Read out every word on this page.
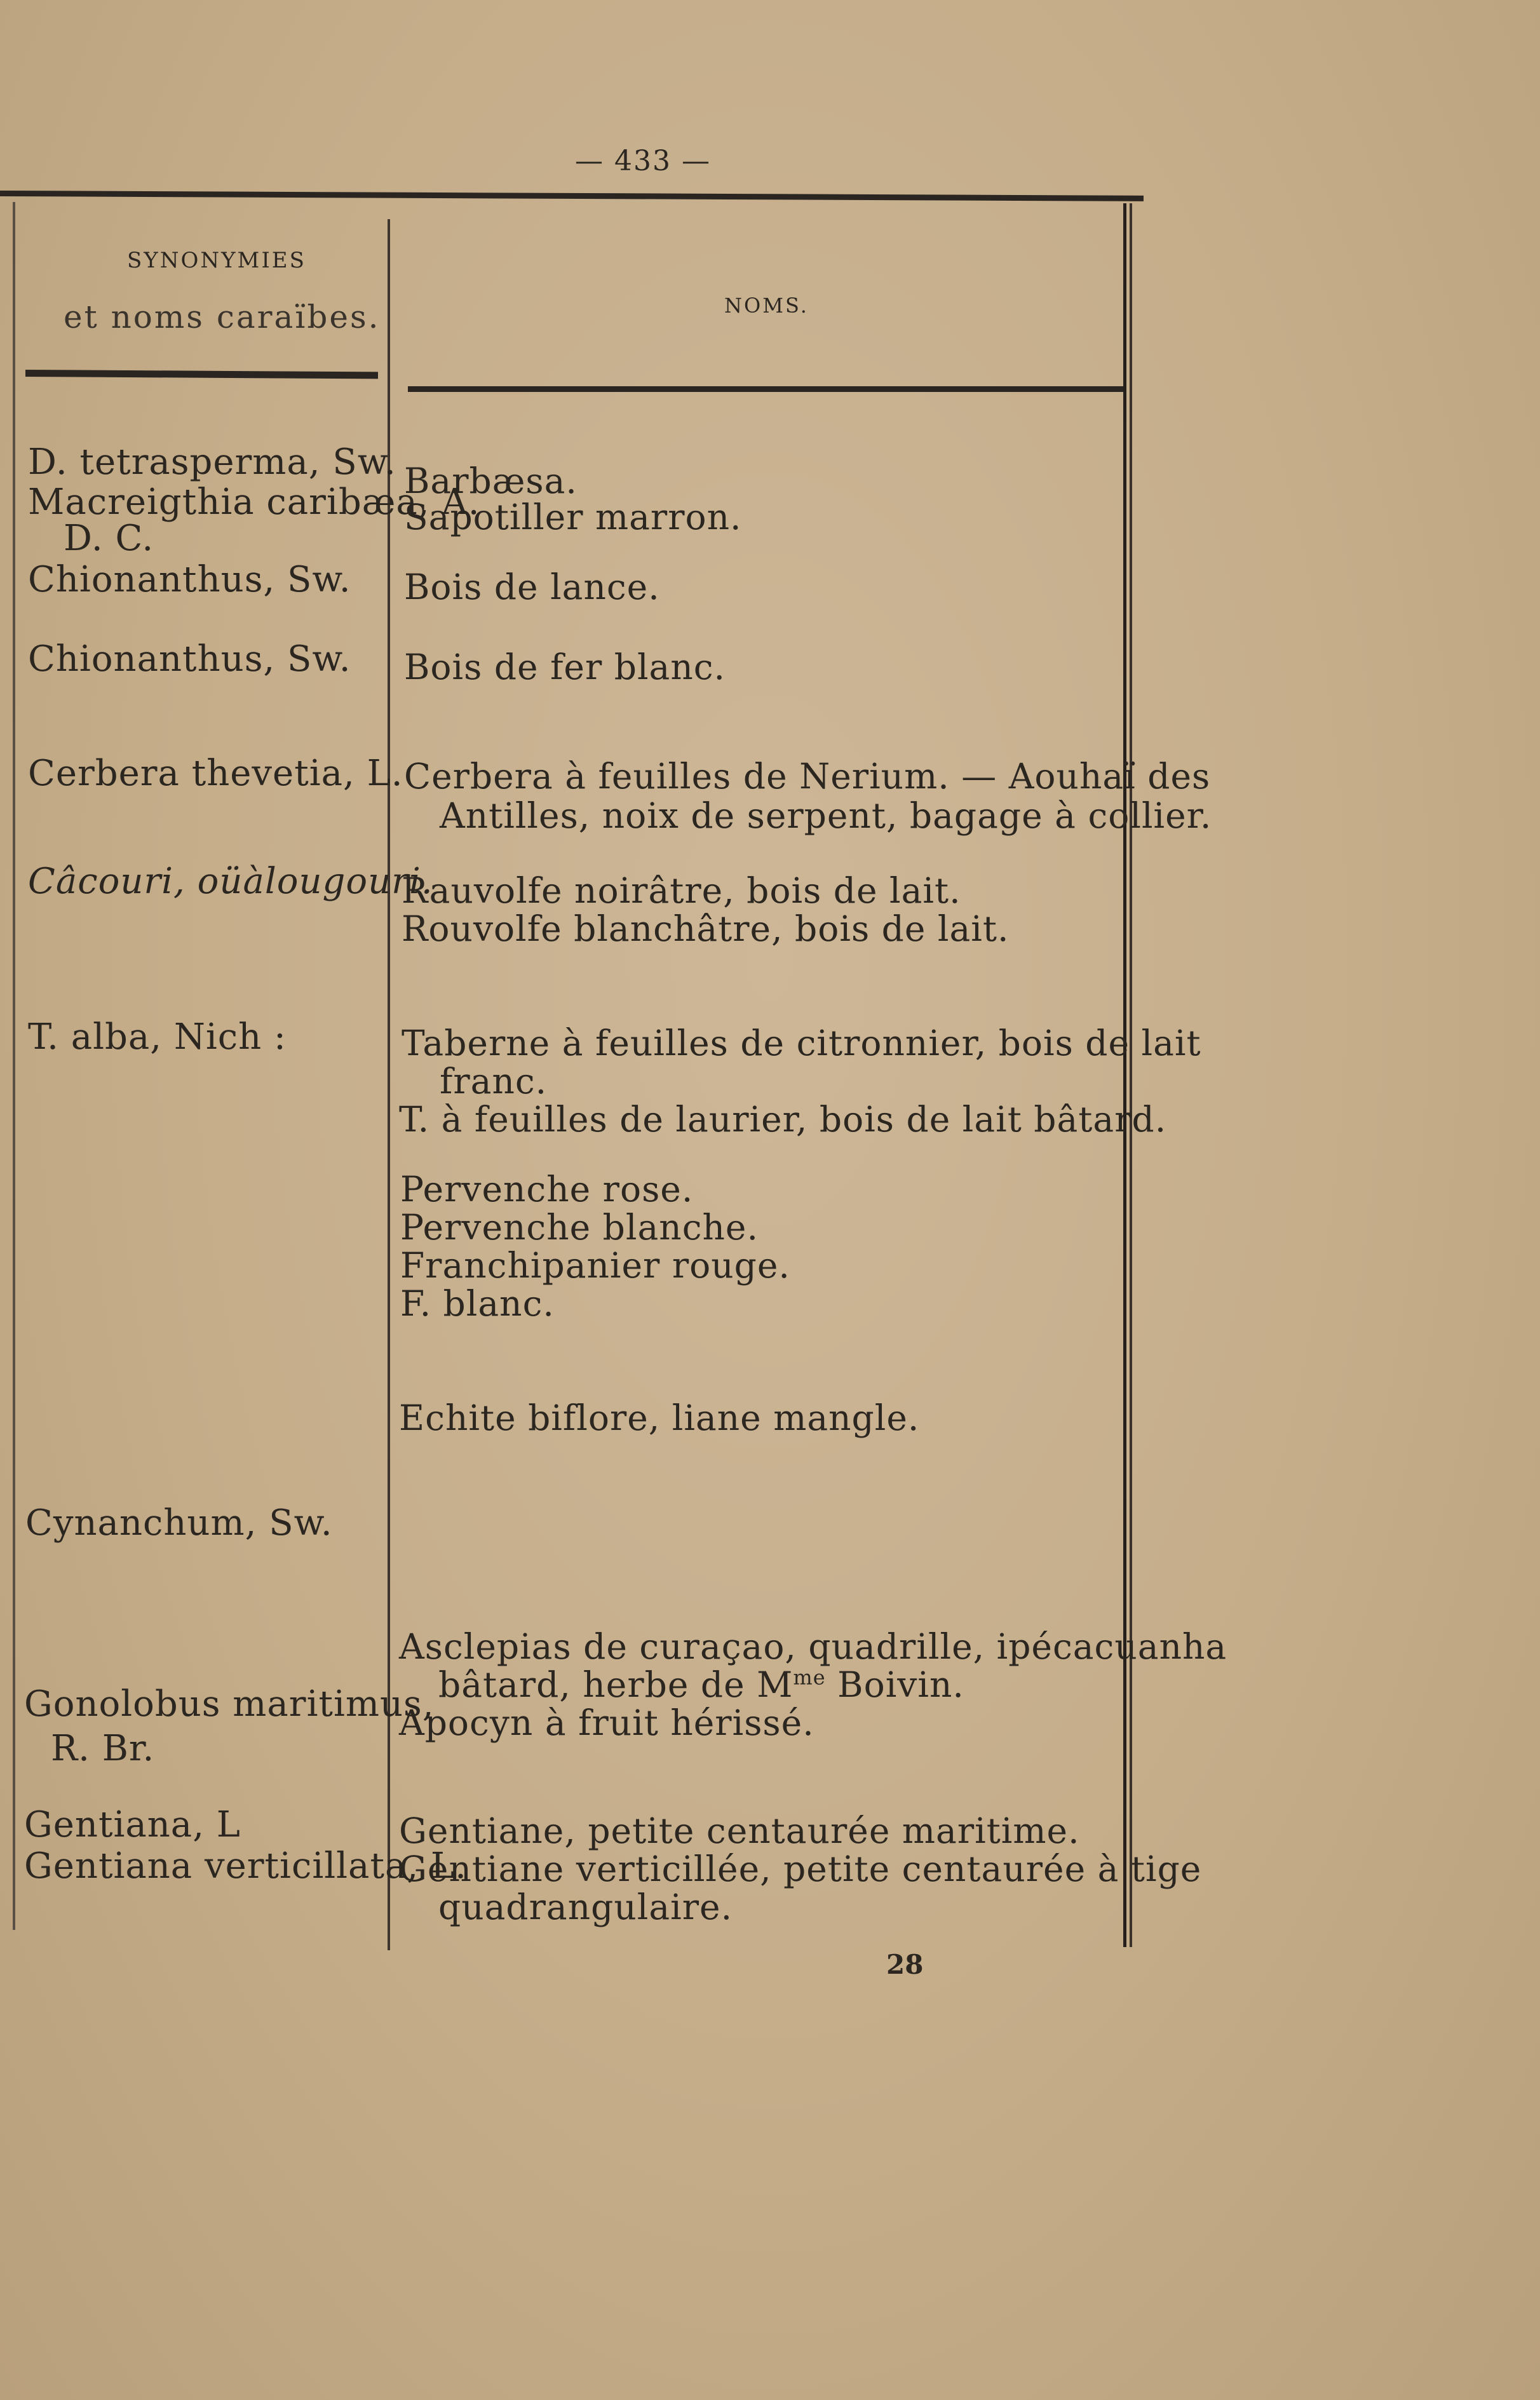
— 433 —
SYNONYMIES
et noms caraïbes.	NOMS.
D. tetrasperma, Sw.
Macreigthia caribæa, A.
D. C.
Chionanthus, Sw.
Chionanthus, Sw.
Cerbera thevetia, L.
Câcouri, oüàlougouri.
T. alba, Nich :
Cynanchum, Sw.
Gonolobus maritimus,
R. Br.
Gentiana, L
Gentiana verticillata, L.
Barbæsa.
Sapotiller marron.
Bois de lance.
Bois de fer blanc.
Cerbera à feuilles de Nerium. — Aouhaï des
Antilles, noix de serpent, bagage à collier.
Rauvolfe noirâtre, bois de lait.
Rouvolfe blanchâtre, bois de lait.
Taberne à feuilles de citronnier, bois de lait
franc.
T. à feuilles de laurier, bois de lait bâtard.
Pervenche rose.
Pervenche blanche.
Franchipanier rouge.
F. blanc.
Echite biflore, liane mangle.
Asclepias de curaçao, quadrille, ipécacuanha
bâtard, herbe de $M^{me}$ Boivin.
Apocyn à fruit hérissé.
Gentiane, petite centaurée maritime.
Gentiane verticillée, petite centaurée à tige
quadrangulaire.
28
